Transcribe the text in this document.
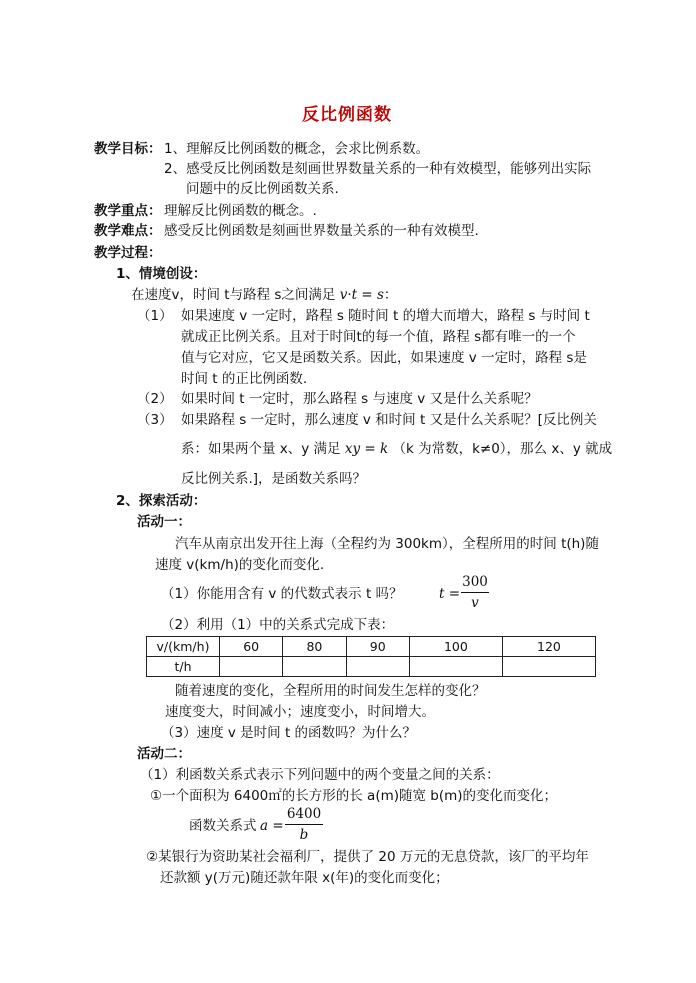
反比例函数
教学目标： 1、理解反比例函数的概念，会求比例系数。
2、感受反比例函数是刻画世界数量关系的一种有效模型，能够列出实际
问题中的反比例函数关系.
教学重点： 理解反比例函数的概念。.
教学难点： 感受反比例函数是刻画世界数量关系的一种有效模型.
教学过程：
1、情境创设：
在速度v，时间 t与路程 s之间满足 v·t = s：
（1） 如果速度 v 一定时，路程 s 随时间 t 的增大而增大，路程 s 与时间 t
就成正比例关系。且对于时间t的每一个值，路程 s都有唯一的一个
值与它对应，它又是函数关系。因此，如果速度 v 一定时，路程 s是
时间 t 的正比例函数.
（2） 如果时间 t 一定时，那么路程 s 与速度 v 又是什么关系呢？
（3） 如果路程 s 一定时，那么速度 v 和时间 t 又是什么关系呢？[反比例关
系：如果两个量 x、y 满足 xy = k （k 为常数，k≠0），那么 x、y 就成
反比例关系.]，是函数关系吗？
2、探索活动：
活动一：
汽车从南京出发开往上海（全程约为 300km），全程所用的时间 t(h)随
速度 v(km/h)的变化而变化.
（1）你能用含有 v 的代数式表示 t 吗？	t =
300
v
（2）利用（1）中的关系式完成下表：
v/(km/h)	60	80	90	100	120
t/h					
随着速度的变化，全程所用的时间发生怎样的变化？
速度变大，时间减小；速度变小，时间增大。
（3）速度 v 是时间 t 的函数吗？为什么？
活动二：
（1）利函数关系式表示下列问题中的两个变量之间的关系：
①一个面积为 6400㎡的长方形的长 a(m)随宽 b(m)的变化而变化；
函数关系式 a =
6400
b
②某银行为资助某社会福利厂，提供了 20 万元的无息贷款，该厂的平均年
还款额 y(万元)随还款年限 x(年)的变化而变化；
